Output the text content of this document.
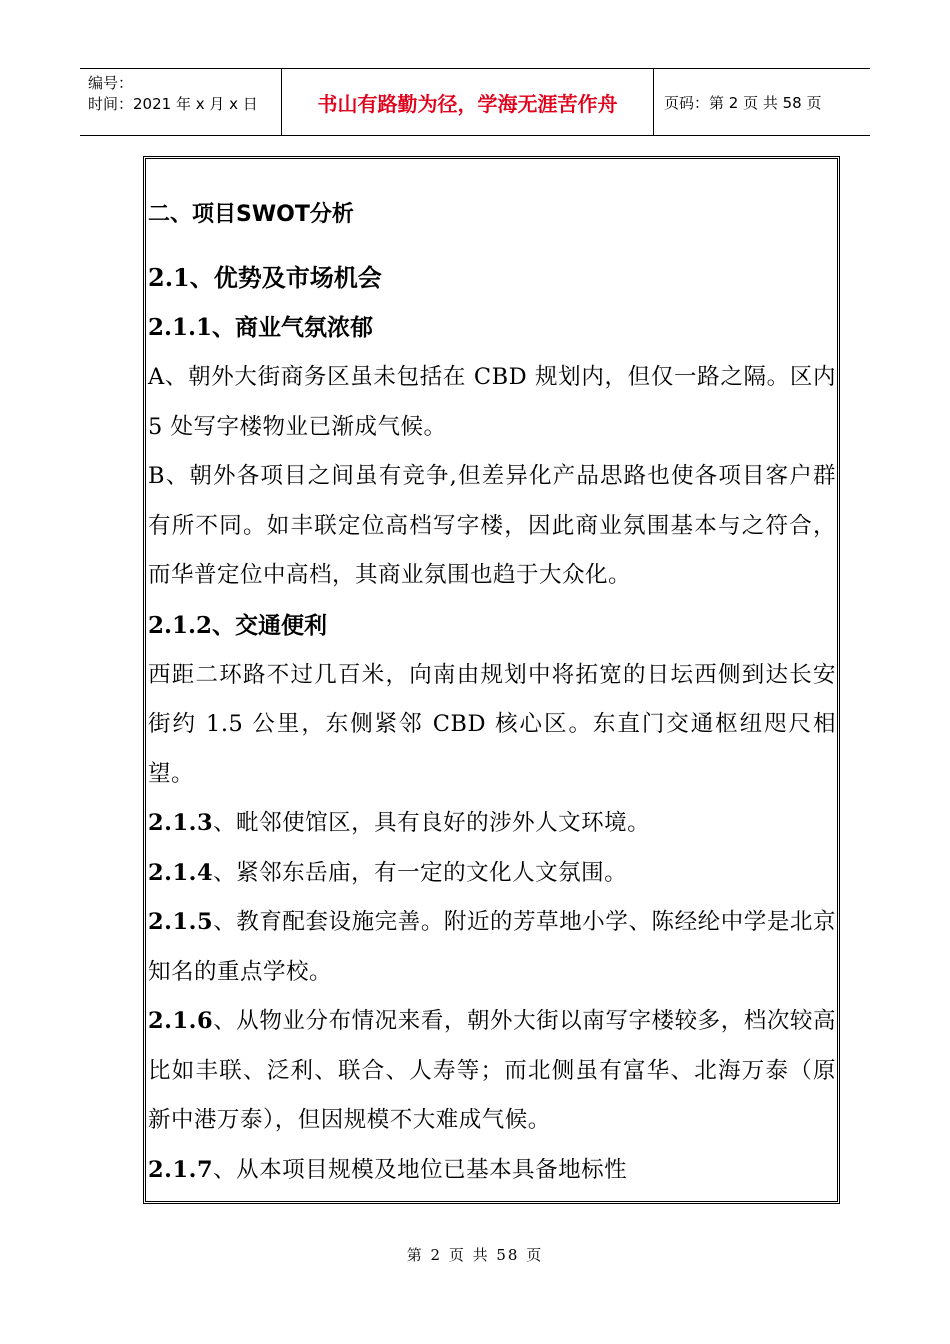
编号：
时间：2021 年 x 月 x 日	书山有路勤为径，学海无涯苦作舟	页码：第 2 页 共 58 页
二、项目SWOT分析
2.1、优势及市场机会
2.1.1、商业气氛浓郁

A、朝外大街商务区虽未包括在 CBD 规划内，但仅一路之隔。区内 5 处写字楼物业已渐成气候。

B、朝外各项目之间虽有竞争,但差异化产品思路也使各项目客户群有所不同。如丰联定位高档写字楼，因此商业氛围基本与之符合，而华普定位中高档，其商业氛围也趋于大众化。

2.1.2、交通便利

西距二环路不过几百米，向南由规划中将拓宽的日坛西侧到达长安街约 1.5 公里，东侧紧邻 CBD 核心区。东直门交通枢纽咫尺相望。

2.1.3、毗邻使馆区，具有良好的涉外人文环境。

2.1.4、紧邻东岳庙，有一定的文化人文氛围。

2.1.5、教育配套设施完善。附近的芳草地小学、陈经纶中学是北京知名的重点学校。

2.1.6、从物业分布情况来看，朝外大街以南写字楼较多，档次较高比如丰联、泛利、联合、人寿等；而北侧虽有富华、北海万泰（原新中港万泰），但因规模不大难成气候。

2.1.7、从本项目规模及地位已基本具备地标性

第 2 页 共 58 页
